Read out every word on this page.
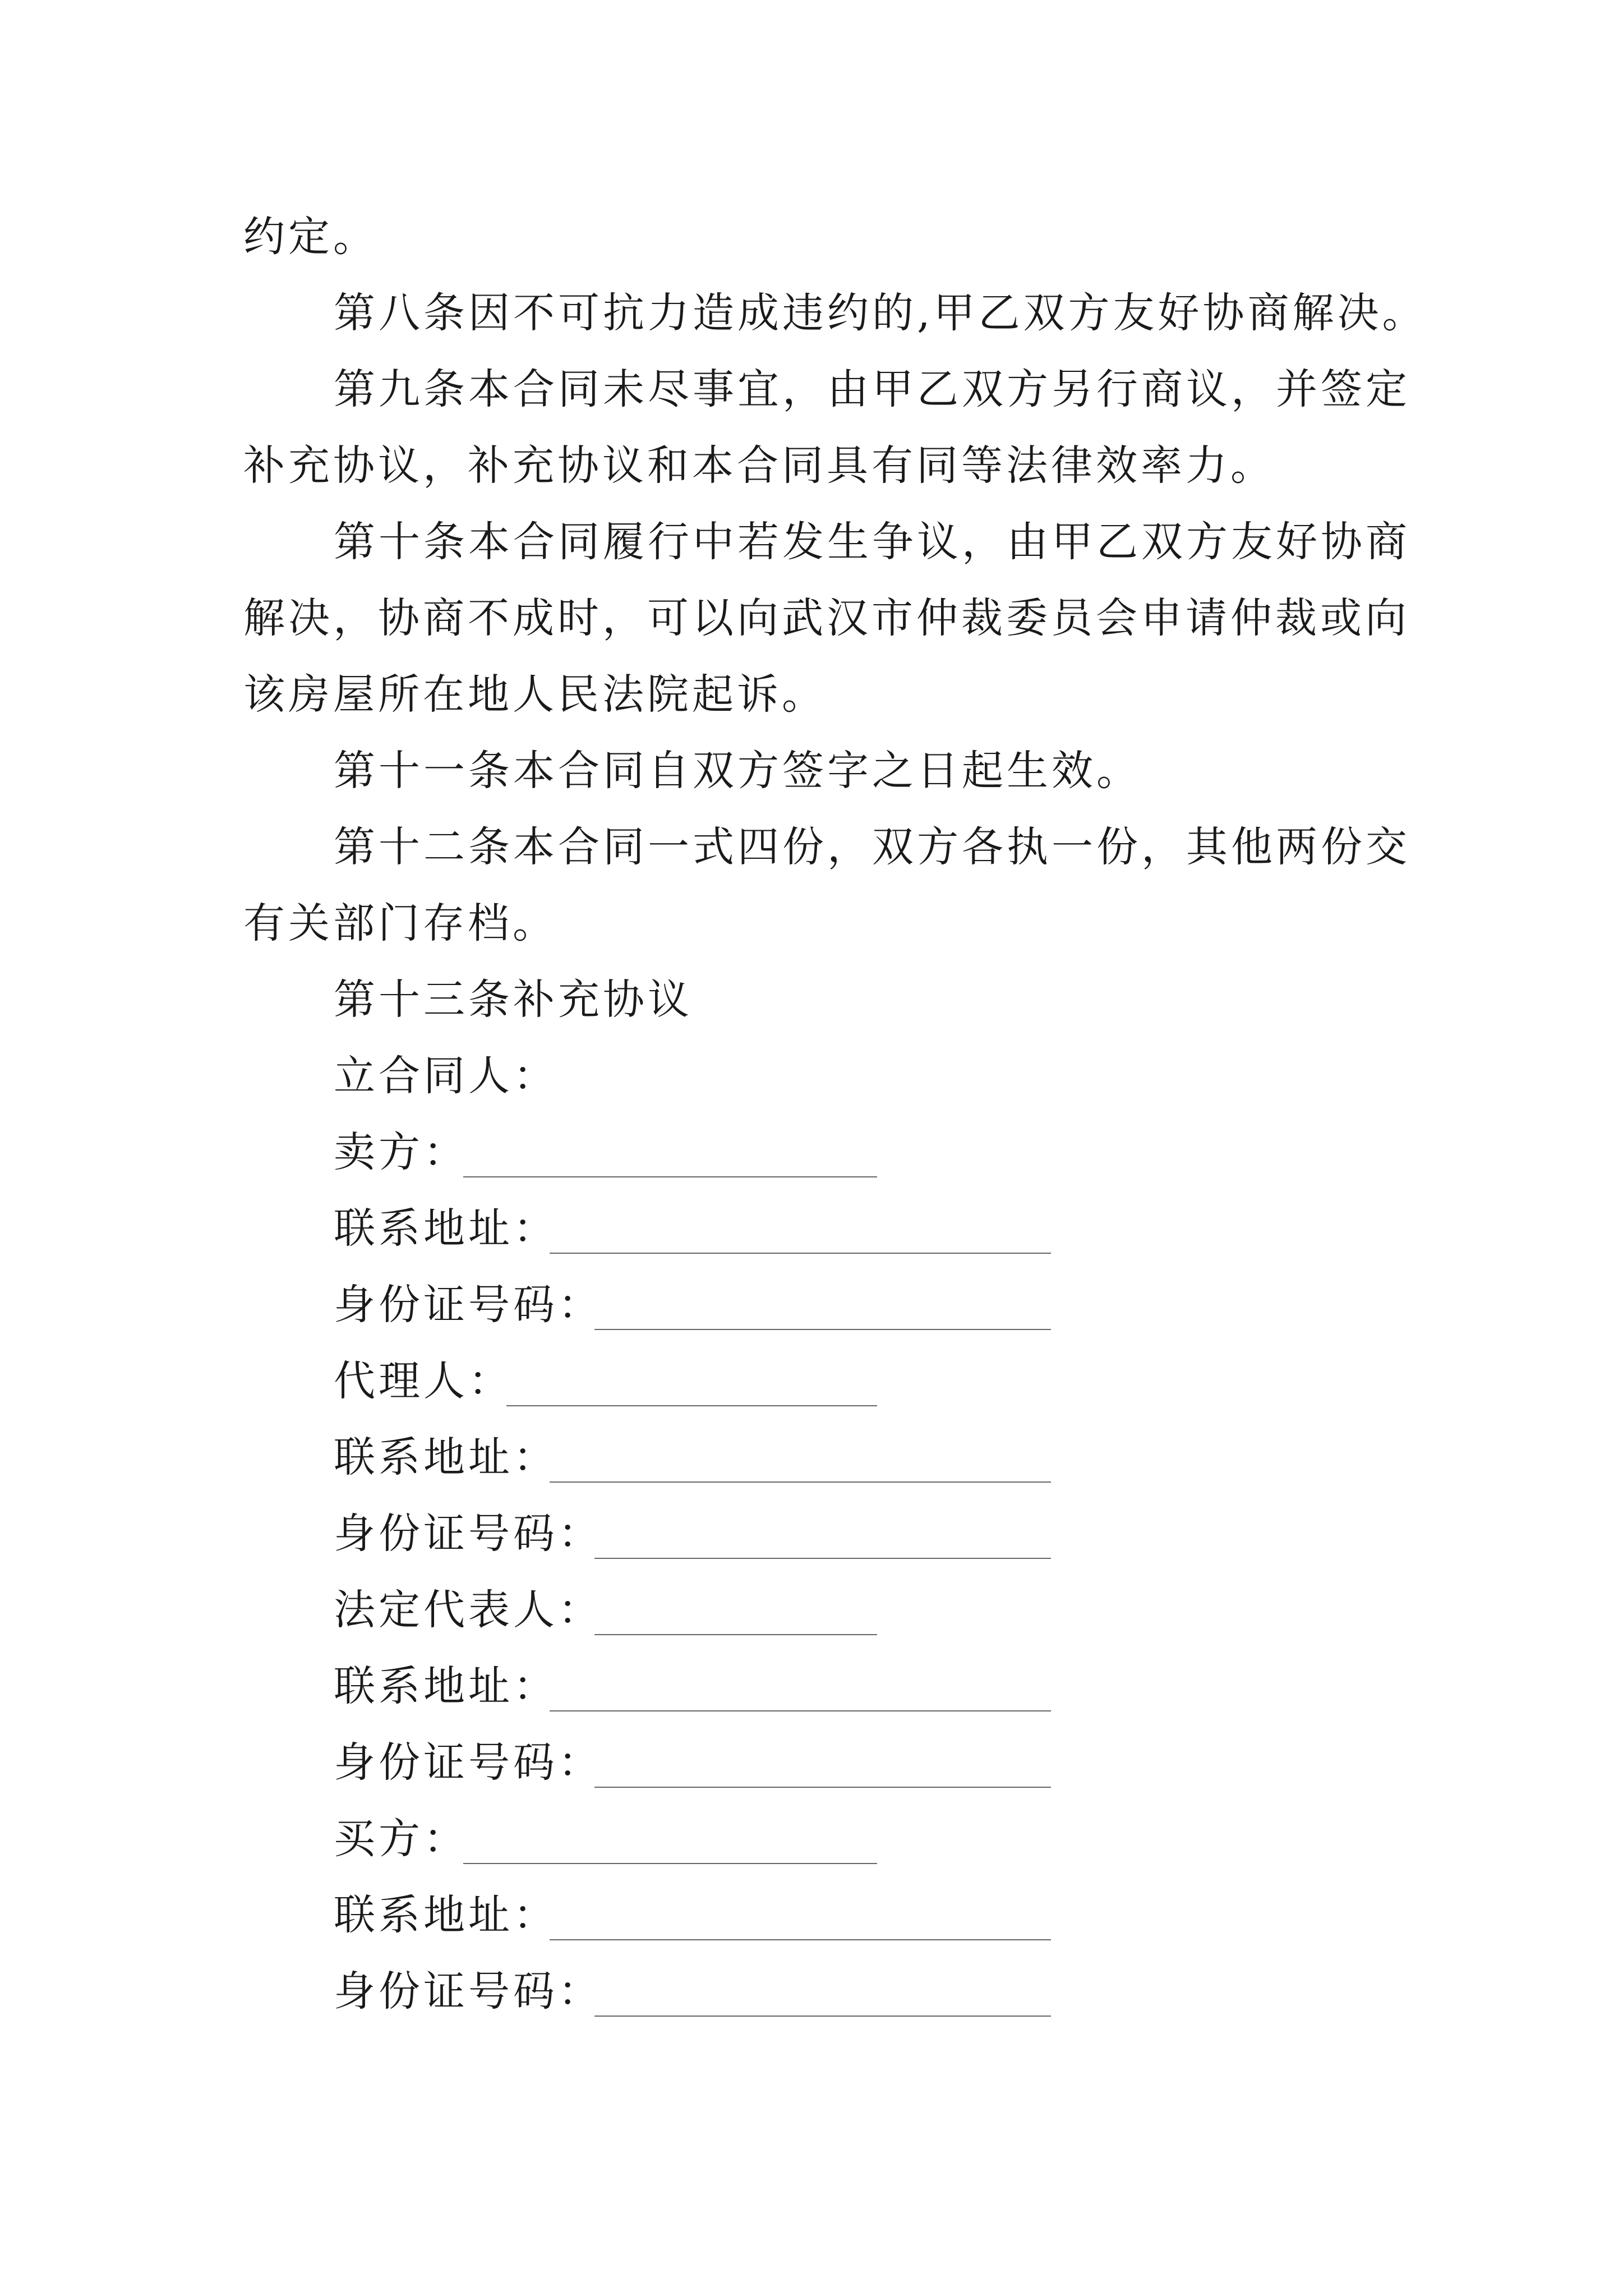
约定。
第八条因不可抗力造成违约的,甲乙双方友好协商解决。
第九条本合同未尽事宜，由甲乙双方另行商议，并签定
补充协议，补充协议和本合同具有同等法律效率力。
第十条本合同履行中若发生争议，由甲乙双方友好协商
解决，协商不成时，可以向武汉市仲裁委员会申请仲裁或向
该房屋所在地人民法院起诉。
第十一条本合同自双方签字之日起生效。
第十二条本合同一式四份，双方各执一份，其他两份交
有关部门存档。
第十三条补充协议
立合同人：
卖方：
联系地址：
身份证号码：
代理人：
联系地址：
身份证号码：
法定代表人：
联系地址：
身份证号码：
买方：
联系地址：
身份证号码：
